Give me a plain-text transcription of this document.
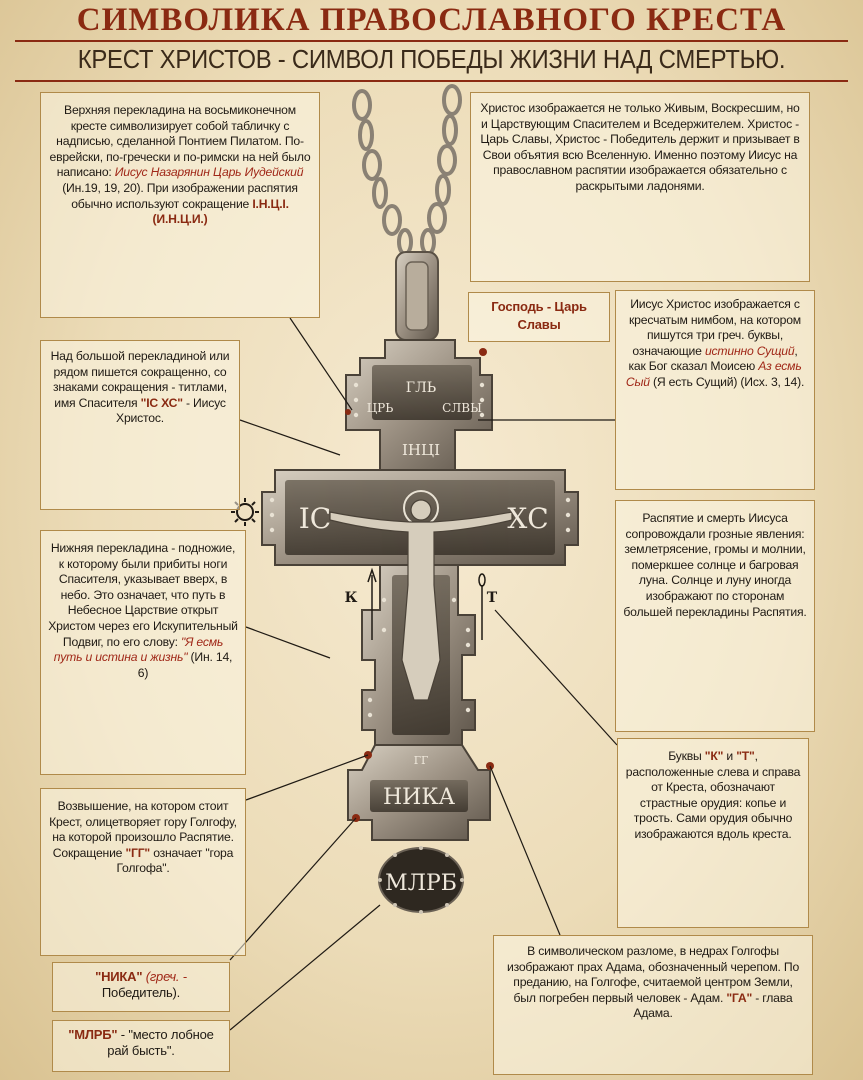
СИМВОЛИКА ПРАВОСЛАВНОГО КРЕСТА

КРЕСТ ХРИСТОВ - СИМВОЛ ПОБЕДЫ ЖИЗНИ НАД СМЕРТЬЮ.

ГЛЬ
ЦРЬ	СЛВЫ
ІНЦІ
ІС	ХС
К	Т
ГГ
НИКА
МЛРБ

Верхняя перекладина на восьмиконечном кресте символизирует собой табличку с надписью, сделанной Понтием Пилатом. По-еврейски, по-гречески и по-римски на ней было написано: Иисус Назарянин Царь Иудейский (Ин.19, 19, 20). При изображении распятия обычно используют сокращение І.Н.Ц.І. (И.Н.Ц.И.)

Христос изображается не только Живым, Воскресшим, но и Царствующим Спасителем и Вседержителем. Христос - Царь Славы, Христос - Победитель держит и призывает в Свои объятия всю Вселенную. Именно поэтому Иисус на православном распятии изображается обязательно с раскрытыми ладонями.

Господь - Царь Славы

Иисус Христос изображается с кресчатым нимбом, на котором пишутся три греч. буквы, означающие истинно Сущий, как Бог сказал Моисею Аз есмь Сый (Я есть Сущий) (Исх. 3, 14).

Над большой перекладиной или рядом пишется сокращенно, со знаками сокращения - титлами, имя Спасителя "ІС ХС" - Иисус Христос.

Распятие и смерть Иисуса сопровождали грозные явления: землетрясение, громы и молнии, померкшее солнце и багровая луна. Солнце и луну иногда изображают по сторонам большей перекладины Распятия.

Нижняя перекладина - подножие, к которому были прибиты ноги Спасителя, указывает вверх, в небо. Это означает, что путь в Небесное Царствие открыт Христом через его Искупительный Подвиг, по его слову: "Я есмь путь и истина и жизнь" (Ин. 14, 6)

Буквы "К" и "Т", расположенные слева и справа от Креста, обозначают страстные орудия: копье и трость. Сами орудия обычно изображаются вдоль креста.

Возвышение, на котором стоит Крест, олицетворяет гору Голгофу, на которой произошло Распятие. Сокращение "ГГ" означает "гора Голгофа".

"НИКА" (греч. - Победитель).

"МЛРБ" - "место лобное рай бысть".

В символическом разломе, в недрах Голгофы изображают прах Адама, обозначенный черепом. По преданию, на Голгофе, считаемой центром Земли, был погребен первый человек - Адам. "ГА" - глава Адама.
